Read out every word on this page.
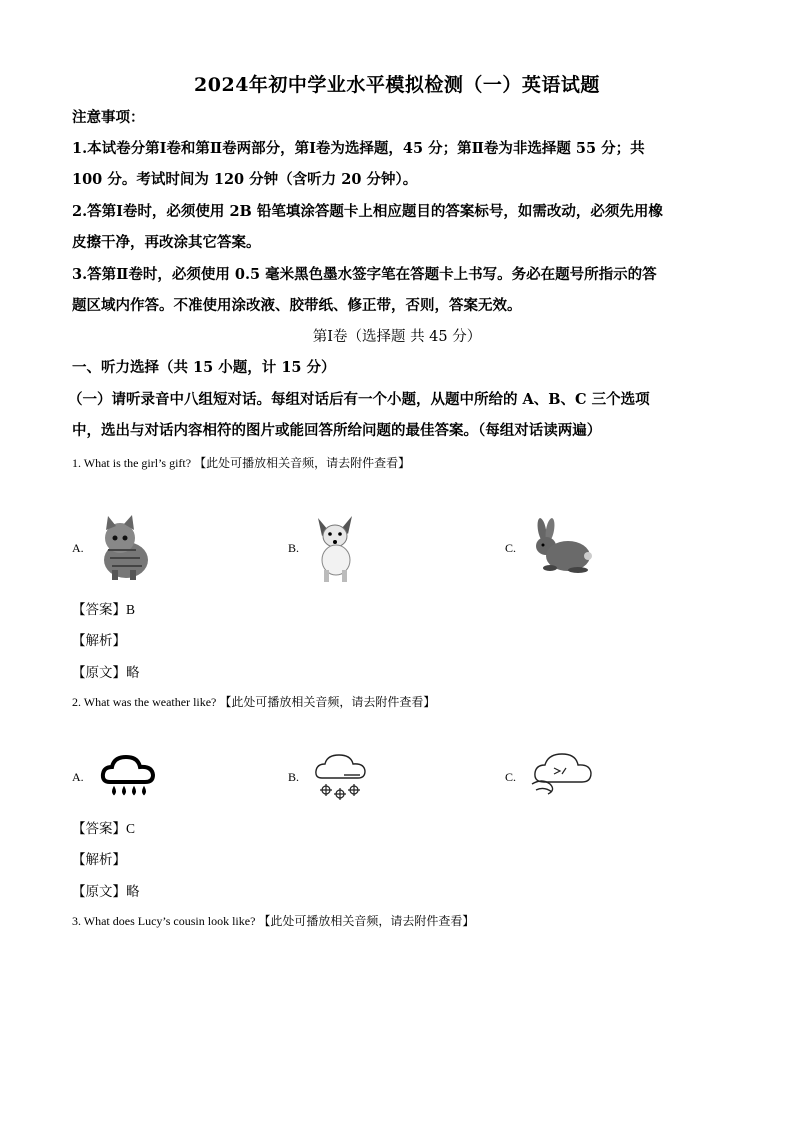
2024年初中学业水平模拟检测（一）英语试题
注意事项：
1.本试卷分第Ⅰ卷和第Ⅱ卷两部分，第Ⅰ卷为选择题，45 分；第Ⅱ卷为非选择题 55 分；共
100 分。考试时间为 120 分钟（含听力 20 分钟）。
2.答第Ⅰ卷时，必须使用 2B 铅笔填涂答题卡上相应题目的答案标号，如需改动，必须先用橡
皮擦干净，再改涂其它答案。
3.答第Ⅱ卷时，必须使用 0.5 毫米黑色墨水签字笔在答题卡上书写。务必在题号所指示的答
题区域内作答。不准使用涂改液、胶带纸、修正带，否则，答案无效。
第Ⅰ卷（选择题 共 45 分）
一、听力选择（共 15 小题，计 15 分）
（一）请听录音中八组短对话。每组对话后有一个小题，从题中所给的 A、B、C 三个选项
中，选出与对话内容相符的图片或能回答所给问题的最佳答案。（每组对话读两遍）
1. What is the girl’s gift? 【此处可播放相关音频，请去附件查看】
A.	B.	C.
【答案】B
【解析】
【原文】略
2. What was the weather like? 【此处可播放相关音频，请去附件查看】
A.	B.	C.
【答案】C
【解析】
【原文】略
3. What does Lucy’s cousin look like? 【此处可播放相关音频，请去附件查看】
